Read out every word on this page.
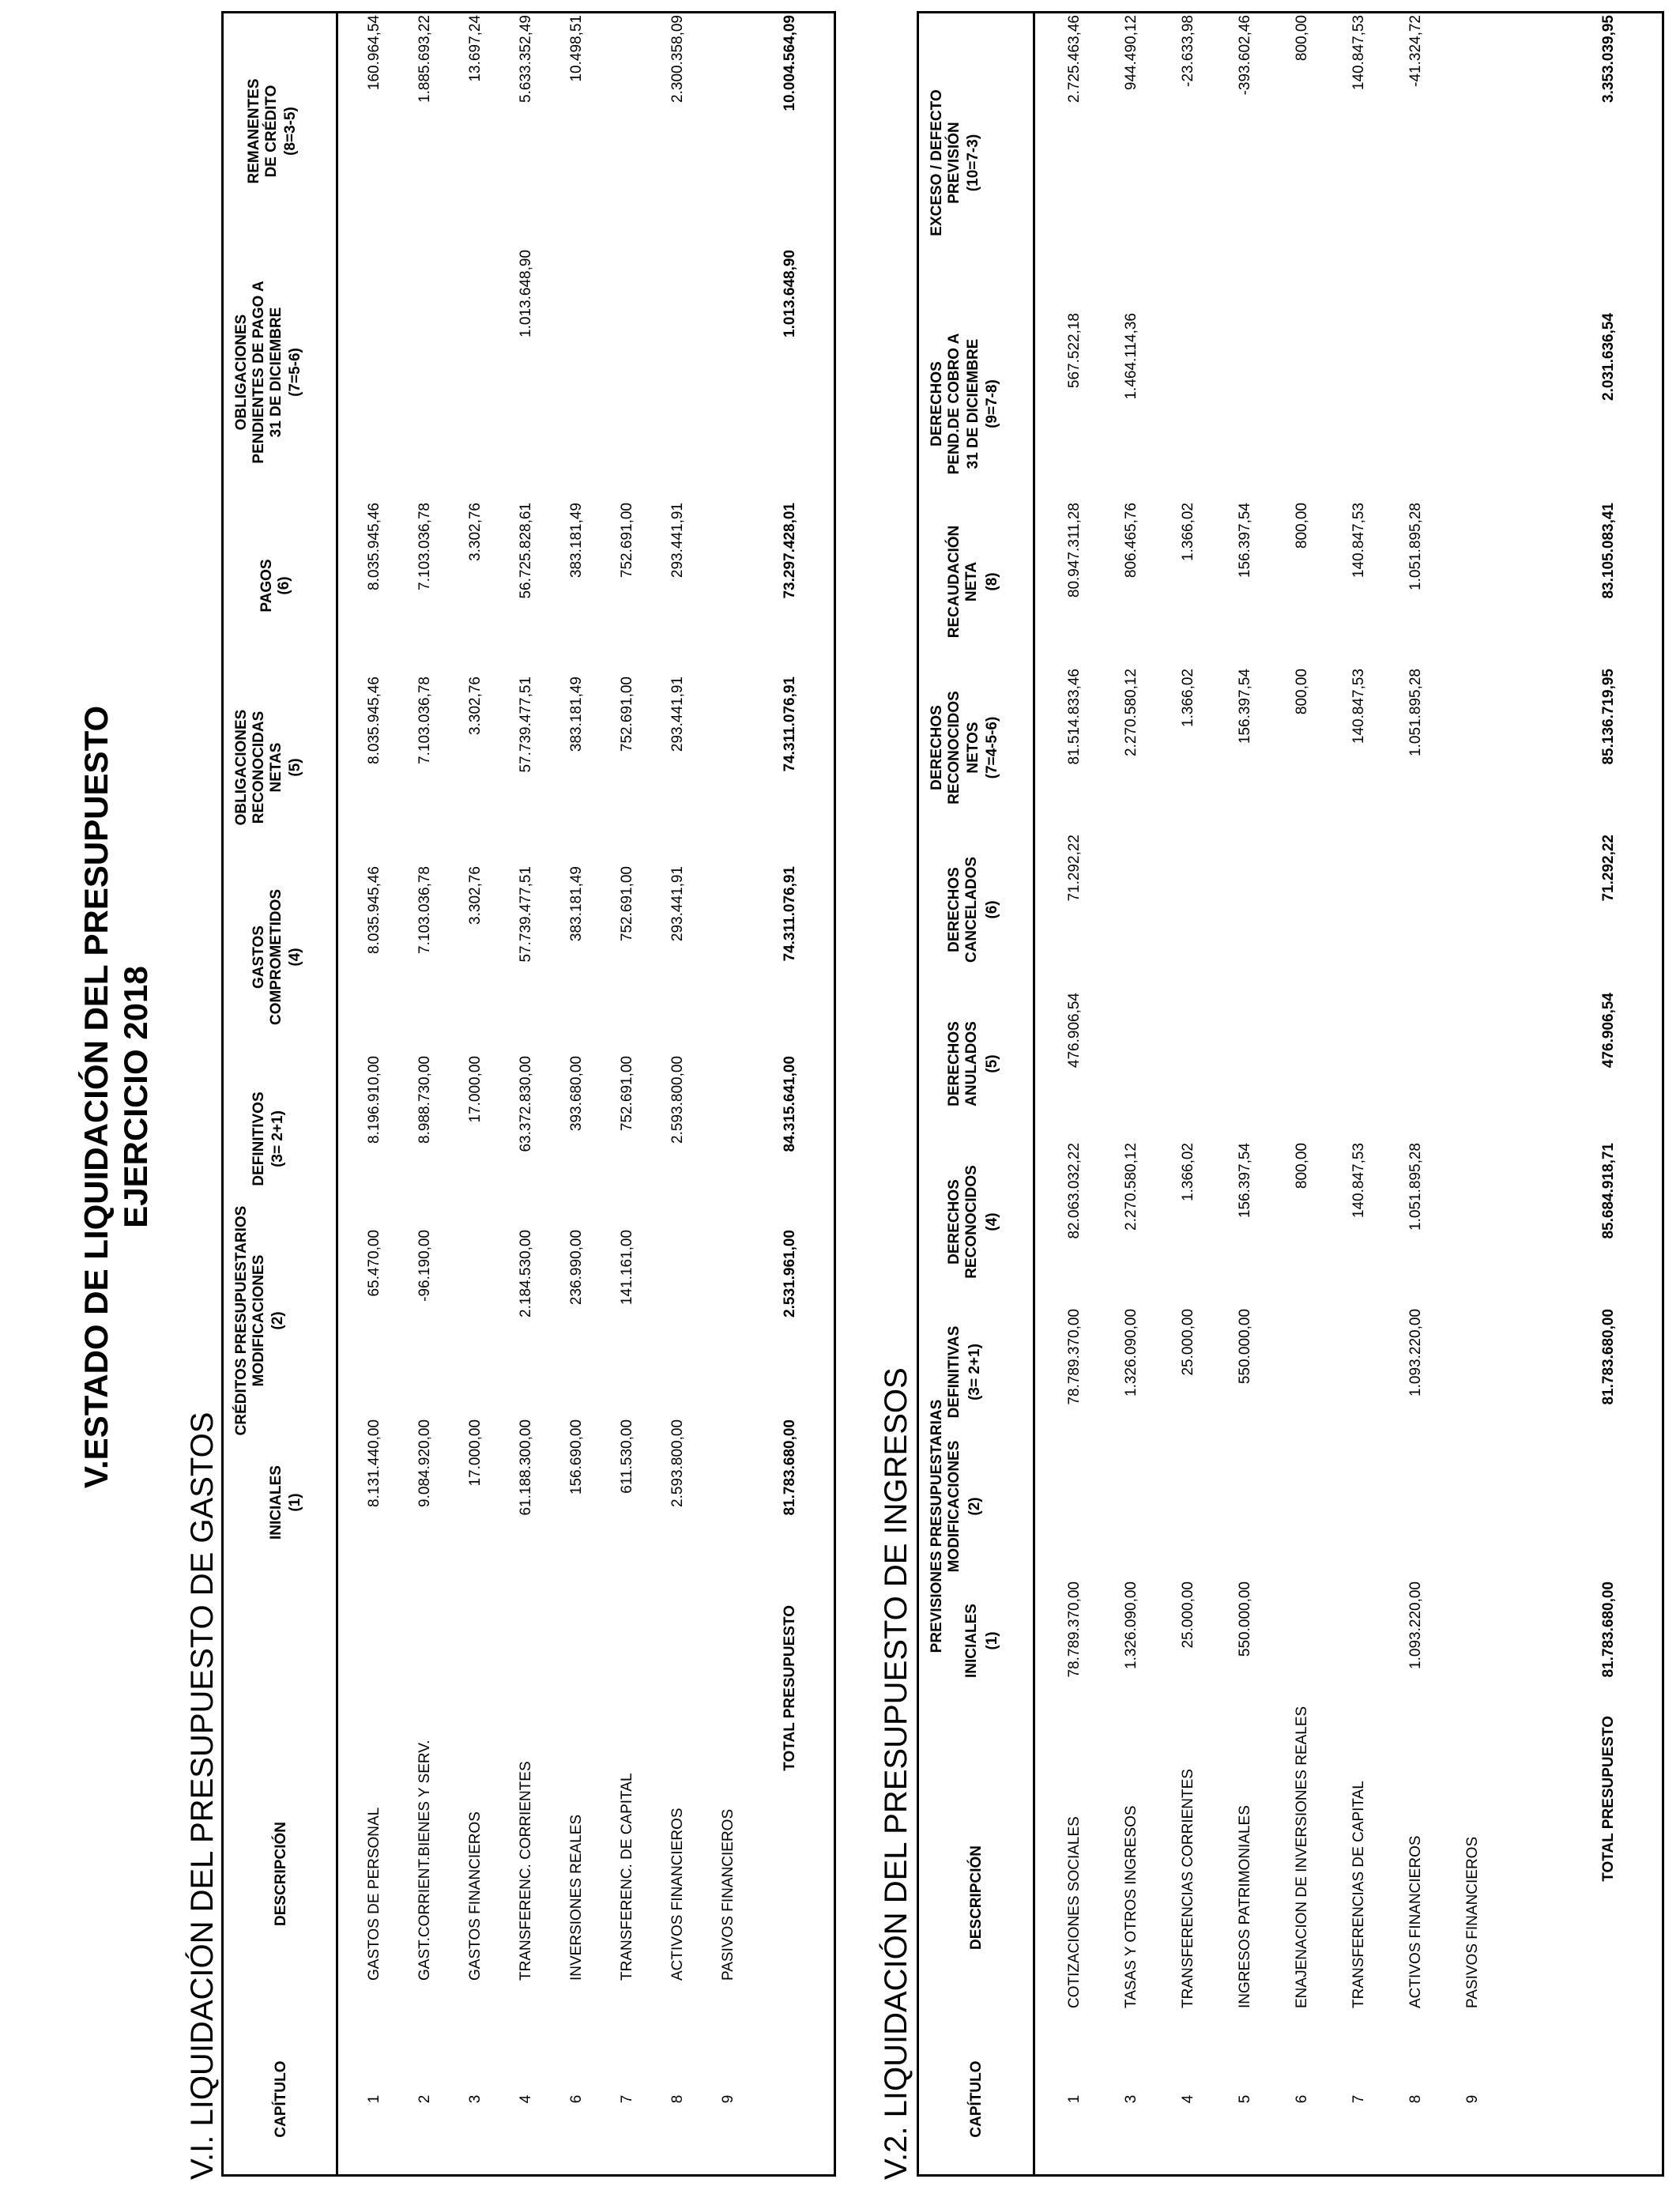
V.ESTADO DE LIQUIDACIÓN DEL PRESUPUESTO EJERCICIO 2018
V.I. LIQUIDACIÓN DEL PRESUPUESTO DE GASTOS	CAPÍTULO
DESCRIPCIÓN
CRÉDITOS PRESUPUESTARIOS
INICIALES (1)
MODIFICACIONES (2)
DEFINITIVOS (3= 2+1)
GASTOS COMPROMETIDOS (4)
OBLIGACIONES RECONOCIDAS NETAS (5)
PAGOS (6)
OBLIGACIONES PENDIENTES DE PAGO A 31 DE DICIEMBRE (7=5-6)
REMANENTES DE CRÉDITO (8=3-5)
1
GASTOS DE PERSONAL
8.131.440,00
65.470,00
8.196.910,00
8.035.945,46
8.035.945,46
8.035.945,46
160.964,54
2
GAST.CORRIENT.BIENES Y SERV.
9.084.920,00
-96.190,00
8.988.730,00
7.103.036,78
7.103.036,78
7.103.036,78
1.885.693,22
3
GASTOS FINANCIEROS
17.000,00
17.000,00
3.302,76
3.302,76
3.302,76
13.697,24
4
TRANSFERENC. CORRIENTES
61.188.300,00
2.184.530,00
63.372.830,00
57.739.477,51
57.739.477,51
56.725.828,61
1.013.648,90
5.633.352,49
6
INVERSIONES REALES
156.690,00
236.990,00
393.680,00
383.181,49
383.181,49
383.181,49
10.498,51
7
TRANSFERENC. DE CAPITAL
611.530,00
141.161,00
752.691,00
752.691,00
752.691,00
752.691,00
8
ACTIVOS FINANCIEROS
2.593.800,00
2.593.800,00
293.441,91
293.441,91
293.441,91
2.300.358,09
9
PASIVOS FINANCIEROS
TOTAL PRESUPUESTO
81.783.680,00
2.531.961,00
84.315.641,00
74.311.076,91
74.311.076,91
73.297.428,01
1.013.648,90
10.004.564,09
V.2. LIQUIDACIÓN DEL PRESUPUESTO DE INGRESOS	CAPÍTULO
DESCRIPCIÓN
PREVISIONES PRESUPUESTARIAS INICIALES (1)
MODIFICACIONES (2)
DEFINITIVAS (3= 2+1)
DERECHOS RECONOCIDOS (4)
DERECHOS ANULADOS (5)
DERECHOS CANCELADOS (6)
DERECHOS RECONOCIDOS NETOS (7=4-5-6)
RECAUDACIÓN NETA (8)
DERECHOS PEND.DE COBRO A 31 DE DICIEMBRE (9=7-8)
EXCESO / DEFECTO PREVISIÓN (10=7-3)
1
COTIZACIONES SOCIALES
78.789.370,00
78.789.370,00
82.063.032,22
476.906,54
71.292,22
81.514.833,46
80.947.311,28
567.522,18
2.725.463,46
3
TASAS Y OTROS INGRESOS
1.326.090,00
1.326.090,00
2.270.580,12
2.270.580,12
806.465,76
1.464.114,36
944.490,12
4
TRANSFERENCIAS CORRIENTES
25.000,00
25.000,00
1.366,02
1.366,02
1.366,02
-23.633,98
5
INGRESOS PATRIMONIALES
550.000,00
550.000,00
156.397,54
156.397,54
156.397,54
-393.602,46
6
ENAJENACION DE INVERSIONES REALES
800,00
800,00
800,00
800,00
7
TRANSFERENCIAS DE CAPITAL
140.847,53
140.847,53
140.847,53
140.847,53
8
ACTIVOS FINANCIEROS
1.093.220,00
1.093.220,00
1.051.895,28
1.051.895,28
1.051.895,28
-41.324,72
9
PASIVOS FINANCIEROS
TOTAL PRESUPUESTO
81.783.680,00
81.783.680,00
85.684.918,71
476.906,54
71.292,22
85.136.719,95
83.105.083,41
2.031.636,54
3.353.039,95
